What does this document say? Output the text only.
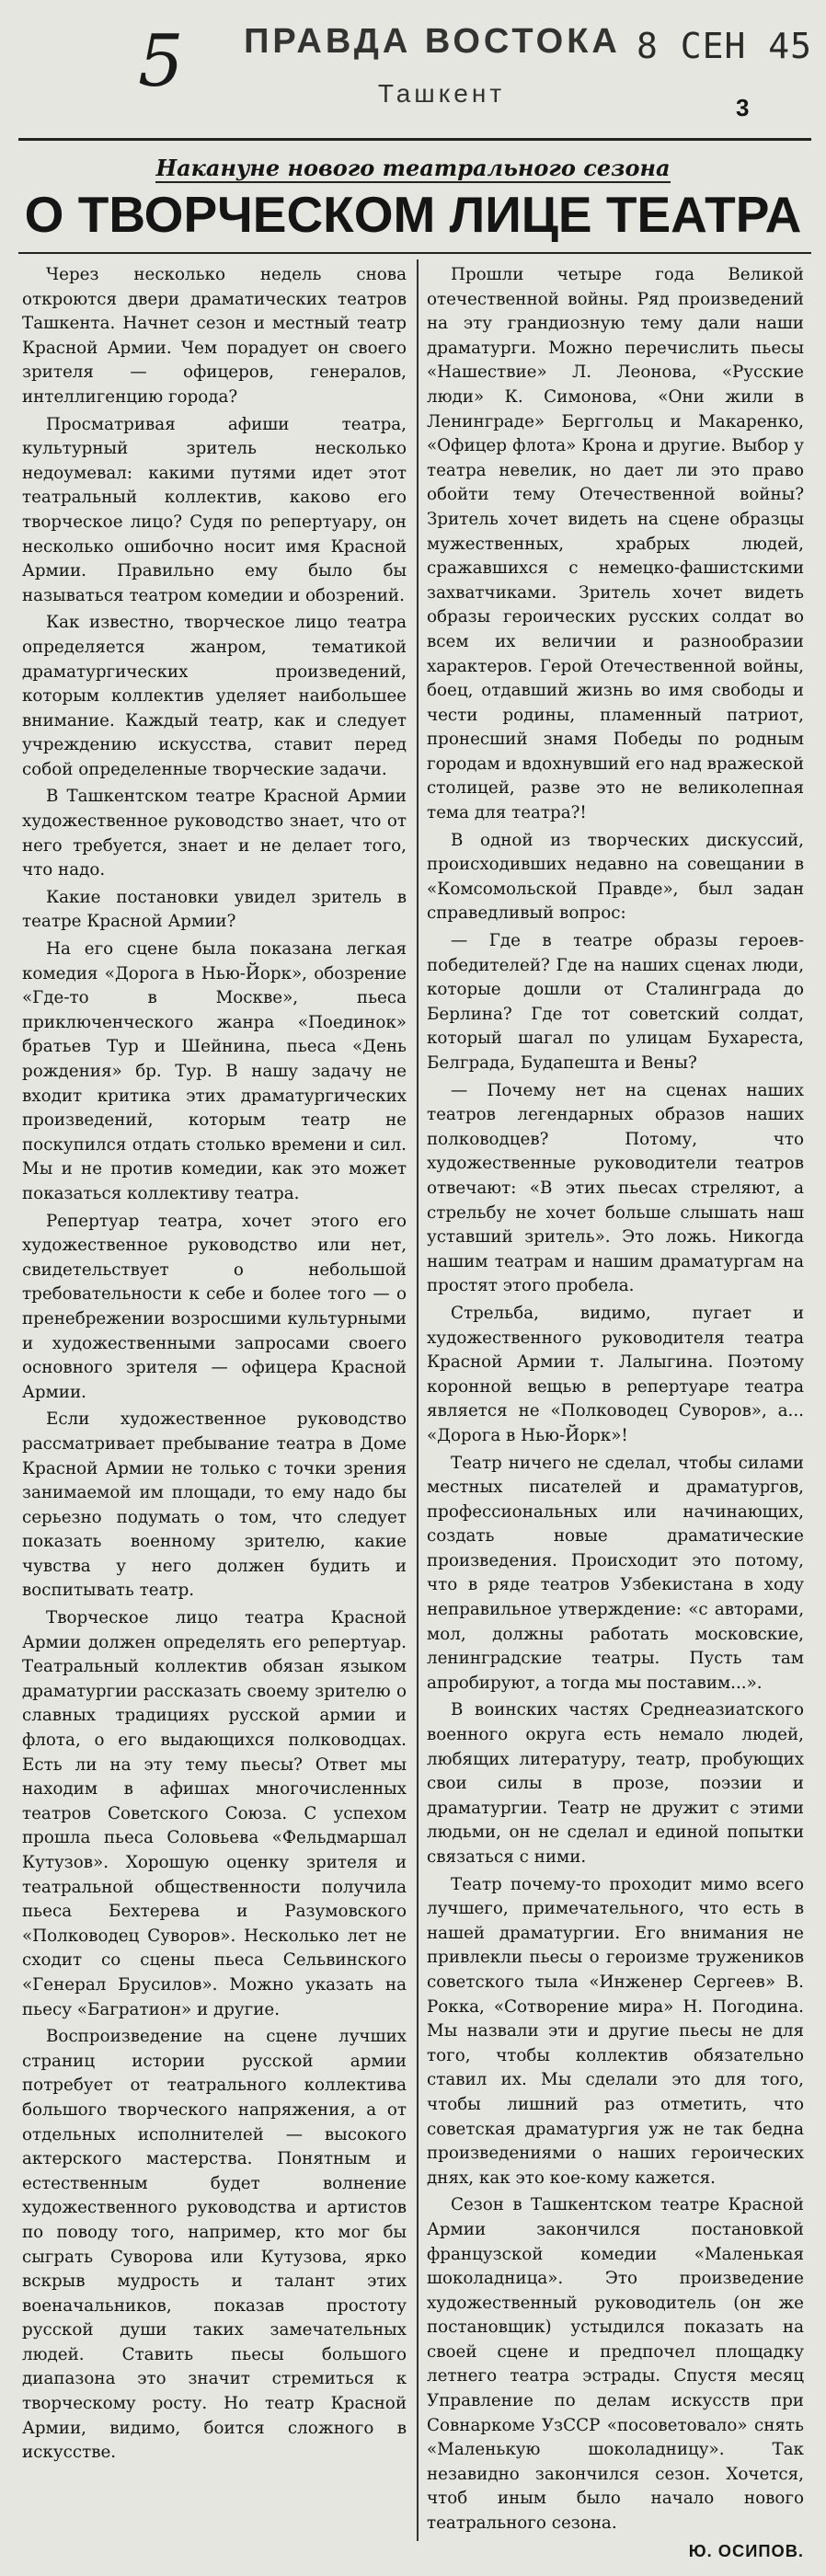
5 ПРАВДА ВОСТОКА 8 СЕН 45
Ташкент	3
Накануне нового театрального сезона
О ТВОРЧЕСКОМ ЛИЦЕ ТЕАТРА

Через несколько недель снова откроются двери драматических театров Ташкента. Начнет сезон и местный театр Красной Армии. Чем порадует он своего зрителя — офицеров, генералов, интеллигенцию города?

Просматривая афиши театра, культурный зритель несколько недоумевал: какими путями идет этот театральный коллектив, каково его творческое лицо? Судя по репертуару, он несколько ошибочно носит имя Красной Армии. Правильно ему было бы называться театром комедии и обозрений.

Как известно, творческое лицо театра определяется жанром, тематикой драматургических произведений, которым коллектив уделяет наибольшее внимание. Каждый театр, как и следует учреждению искусства, ставит перед собой определенные творческие задачи.

В Ташкентском театре Красной Армии художественное руководство знает, что от него требуется, знает и не делает того, что надо.

Какие постановки увидел зритель в театре Красной Армии?

На его сцене была показана легкая комедия «Дорога в Нью-Йорк», обозрение «Где-то в Москве», пьеса приключенческого жанра «Поединок» братьев Тур и Шейнина, пьеса «День рождения» бр. Тур. В нашу задачу не входит критика этих драматургических произведений, которым театр не поскупился отдать столько времени и сил. Мы и не против комедии, как это может показаться коллективу театра.

Репертуар театра, хочет этого его художественное руководство или нет, свидетельствует о небольшой требовательности к себе и более того — о пренебрежении возросшими культурными и художественными запросами своего основного зрителя — офицера Красной Армии.

Если художественное руководство рассматривает пребывание театра в Доме Красной Армии не только с точки зрения занимаемой им площади, то ему надо бы серьезно подумать о том, что следует показать военному зрителю, какие чувства у него должен будить и воспитывать театр.

Творческое лицо театра Красной Армии должен определять его репертуар. Театральный коллектив обязан языком драматургии рассказать своему зрителю о славных традициях русской армии и флота, о его выдающихся полководцах. Есть ли на эту тему пьесы? Ответ мы находим в афишах многочисленных театров Советского Союза. С успехом прошла пьеса Соловьева «Фельдмаршал Кутузов». Хорошую оценку зрителя и театральной общественности получила пьеса Бехтерева и Разумовского «Полководец Суворов». Несколько лет не сходит со сцены пьеса Сельвинского «Генерал Брусилов». Можно указать на пьесу «Багратион» и другие.

Воспроизведение на сцене лучших страниц истории русской армии потребует от театрального коллектива большого творческого напряжения, а от отдельных исполнителей — высокого актерского мастерства. Понятным и естественным будет волнение художественного руководства и артистов по поводу того, например, кто мог бы сыграть Суворова или Кутузова, ярко вскрыв мудрость и талант этих военачальников, показав простоту русской души таких замечательных людей. Ставить пьесы большого диапазона это значит стремиться к творческому росту. Но театр Красной Армии, видимо, боится сложного в искусстве.

Прошли четыре года Великой отечественной войны. Ряд произведений на эту грандиозную тему дали наши драматурги. Можно перечислить пьесы «Нашествие» Л. Леонова, «Русские люди» К. Симонова, «Они жили в Ленинграде» Берггольц и Макаренко, «Офицер флота» Крона и другие. Выбор у театра невелик, но дает ли это право обойти тему Отечественной войны? Зритель хочет видеть на сцене образцы мужественных, храбрых людей, сражавшихся с немецко-фашистскими захватчиками. Зритель хочет видеть образы героических русских солдат во всем их величии и разнообразии характеров. Герой Отечественной войны, боец, отдавший жизнь во имя свободы и чести родины, пламенный патриот, пронесший знамя Победы по родным городам и вдохнувший его над вражеской столицей, разве это не великолепная тема для театра?!

В одной из творческих дискуссий, происходивших недавно на совещании в «Комсомольской Правде», был задан справедливый вопрос:

— Где в театре образы героев-победителей? Где на наших сценах люди, которые дошли от Сталинграда до Берлина? Где тот советский солдат, который шагал по улицам Бухареста, Белграда, Будапешта и Вены?

— Почему нет на сценах наших театров легендарных образов наших полководцев? Потому, что художественные руководители театров отвечают: «В этих пьесах стреляют, а стрельбу не хочет больше слышать наш уставший зритель». Это ложь. Никогда нашим театрам и нашим драматургам на простят этого пробела.

Стрельба, видимо, пугает и художественного руководителя театра Красной Армии т. Лалыгина. Поэтому коронной вещью в репертуаре театра является не «Полководец Суворов», а... «Дорога в Нью-Йорк»!

Театр ничего не сделал, чтобы силами местных писателей и драматургов, профессиональных или начинающих, создать новые драматические произведения. Происходит это потому, что в ряде театров Узбекистана в ходу неправильное утверждение: «с авторами, мол, должны работать московские, ленинградские театры. Пусть там апробируют, а тогда мы поставим...».

В воинских частях Среднеазиатского военного округа есть немало людей, любящих литературу, театр, пробующих свои силы в прозе, поэзии и драматургии. Театр не дружит с этими людьми, он не сделал и единой попытки связаться с ними.

Театр почему-то проходит мимо всего лучшего, примечательного, что есть в нашей драматургии. Его внимания не привлекли пьесы о героизме тружеников советского тыла «Инженер Сергеев» В. Рокка, «Сотворение мира» Н. Погодина. Мы назвали эти и другие пьесы не для того, чтобы коллектив обязательно ставил их. Мы сделали это для того, чтобы лишний раз отметить, что советская драматургия уж не так бедна произведениями о наших героических днях, как это кое-кому кажется.

Сезон в Ташкентском театре Красной Армии закончился постановкой французской комедии «Маленькая шоколадница». Это произведение художественный руководитель (он же постановщик) устыдился показать на своей сцене и предпочел площадку летнего театра эстрады. Спустя месяц Управление по делам искусств при Совнаркоме УзССР «посоветовало» снять «Маленькую шоколадницу». Так незавидно закончился сезон. Хочется, чтоб иным было начало нового театрального сезона.

Ю. ОСИПОВ.
